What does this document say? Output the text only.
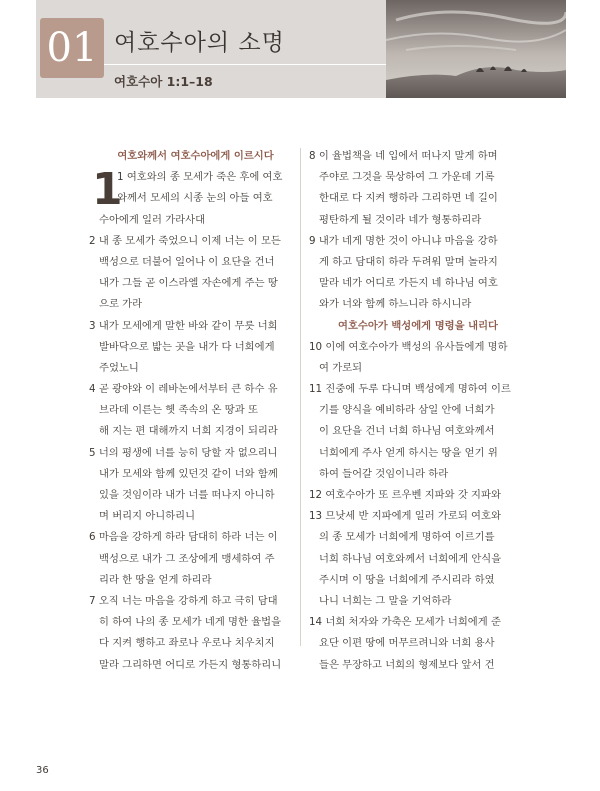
01 여호수아의 소명
여호수아 1:1–18
여호와께서 여호수아에게 이르시다
1
1 여호와의 종 모세가 죽은 후에 여호
와께서 모세의 시종 눈의 아들 여호
수아에게 일러 가라사대
2 내 종 모세가 죽었으니 이제 너는 이 모든
백성으로 더불어 일어나 이 요단을 건너
내가 그들 곧 이스라엘 자손에게 주는 땅
으로 가라
3 내가 모세에게 말한 바와 같이 무릇 너희
발바닥으로 밟는 곳을 내가 다 너희에게
주었노니
4 곧 광야와 이 레바논에서부터 큰 하수 유
브라데 이른는 헷 족속의 온 땅과 또
해 지는 편 대해까지 너희 지경이 되리라
5 너의 평생에 너를 능히 당할 자 없으리니
내가 모세와 함께 있던것 같이 너와 함께
있을 것임이라 내가 너를 떠나지 아니하
며 버리지 아니하리니
6 마음을 강하게 하라 담대히 하라 너는 이
백성으로 내가 그 조상에게 맹세하여 주
리라 한 땅을 얻게 하리라
7 오직 너는 마음을 강하게 하고 극히 담대
히 하여 나의 종 모세가 네게 명한 율법을
다 지켜 행하고 좌로나 우로나 치우치지
말라 그리하면 어디로 가든지 형통하리니
8 이 율법책을 네 입에서 떠나지 말게 하며
주야로 그것을 묵상하여 그 가운데 기록
한대로 다 지켜 행하라 그리하면 네 길이
평탄하게 될 것이라 네가 형통하리라
9 내가 네게 명한 것이 아니냐 마음을 강하
게 하고 담대히 하라 두려워 말며 놀라지
말라 네가 어디로 가든지 네 하나님 여호
와가 너와 함께 하느니라 하시니라
여호수아가 백성에게 명령을 내리다
10 이에 여호수아가 백성의 유사들에게 명하
여 가로되
11 진중에 두루 다니며 백성에게 명하여 이르
기를 양식을 예비하라 삼일 안에 너희가
이 요단을 건너 너희 하나님 여호와께서
너희에게 주사 얻게 하시는 땅을 얻기 위
하여 들어갈 것임이니라 하라
12 여호수아가 또 르우벤 지파와 갓 지파와
13 므낫세 반 지파에게 일러 가로되 여호와
의 종 모세가 너희에게 명하여 이르기를
너희 하나님 여호와께서 너희에게 안식을
주시며 이 땅을 너희에게 주시리라 하였
나니 너희는 그 말을 기억하라
14 너희 처자와 가축은 모세가 너희에게 준
요단 이편 땅에 머무르려니와 너희 용사
들은 무장하고 너희의 형제보다 앞서 건
36
